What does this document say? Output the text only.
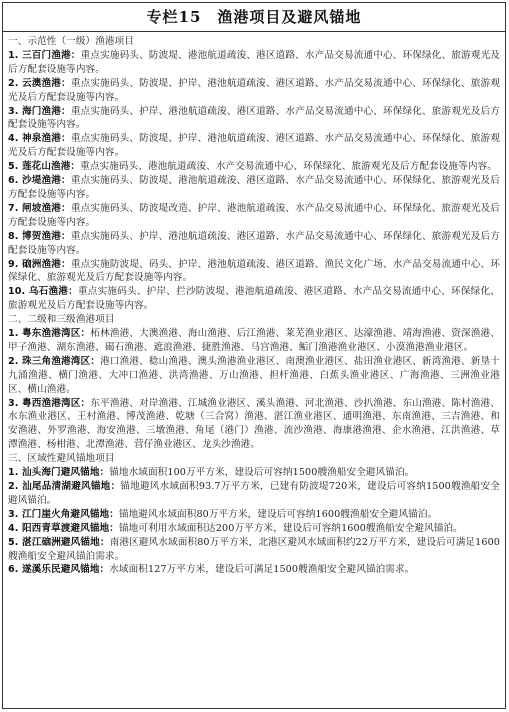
专栏15　渔港项目及避风锚地

一、示范性（一级）渔港项目

1. 三百门渔港：重点实施码头、防波堤、港池航道疏浚、港区道路、水产品交易流通中心、环保绿化、旅游观光及后方配套设施等内容。

2. 云澳渔港：重点实施码头、防波堤、护岸、港池航道疏浚、港区道路、水产品交易流通中心、环保绿化、旅游观光及后方配套设施等内容。

3. 海门渔港：重点实施码头、护岸、港池航道疏浚、港区道路、水产品交易流通中心、环保绿化、旅游观光及后方配套设施等内容。

4. 神泉渔港：重点实施码头、防波堤、护岸、港池航道疏浚、港区道路、水产品交易流通中心、环保绿化、旅游观光及后方配套设施等内容。

5. 莲花山渔港：重点实施码头、港池航道疏浚、水产交易流通中心、环保绿化、旅游观光及后方配套设施等内容。

6. 沙堤渔港：重点实施码头、防波堤、港池航道疏浚、港区道路、水产品交易流通中心、环保绿化、旅游观光及后方配套设施等内容。

7. 闸坡渔港：重点实施码头、防波堤改造、护岸、港池航道疏浚、水产品交易流通中心、环保绿化、旅游观光及后方配套设施等内容。

8. 博贺渔港：重点实施码头、护岸、港池航道疏浚、港区道路、水产品交易流通中心、环保绿化、旅游观光及后方配套设施等内容。

9. 硇洲渔港：重点实施防波堤、码头、护岸、港池航道疏浚、港区道路、渔民文化广场、水产品交易流通中心、环保绿化、旅游观光及后方配套设施等内容。

10. 乌石渔港：重点实施码头、护岸、拦沙防波堤、港池航道疏浚、港区道路、水产品交易流通中心、环保绿化、旅游观光及后方配套设施等内容。

二、二级和三级渔港项目

1. 粤东渔港湾区：柘林渔港、大澳渔港、海山渔港、后江渔港、莱芜渔业港区、达濠渔港、靖海渔港、资深渔港、甲子渔港、湖东渔港、碣石渔港、遮浪渔港、捷胜渔港、马宫渔港、鲘门渔港渔业港区、小漠渔港渔业港区。

2. 珠三角渔港湾区：港口渔港、稔山渔港、澳头渔港渔业港区、南澳渔业港区、盐田渔业港区、新湾渔港、新垦十九涌渔港、横门渔港、大冲口渔港、洪湾渔港、万山渔港、担杆渔港、白蕉头渔业港区、广海渔港、三洲渔业港区、横山渔港。

3. 粤西渔港湾区：东平渔港、对岸渔港、江城渔业港区、溪头渔港、河北渔港、沙扒渔港、东山渔港、陈村渔港、水东渔业港区、王村渔港、博茂渔港、乾塘（三合窝）渔港、湛江渔业港区、通明渔港、东南渔港、三吉渔港、和安渔港、外罗渔港、海安渔港、三墩渔港、角尾（港门）渔港、流沙渔港、海康港渔港、企水渔港、江洪渔港、草潭渔港、杨柑港、北潭渔港、营仔渔业港区、龙头沙渔港。

三、区域性避风锚地项目

1. 汕头海门避风锚地：锚地水域面积100万平方米，建设后可容纳1500艘渔船安全避风锚泊。

2. 汕尾品清湖避风锚地：锚地避风水域面积93.7万平方米，已建有防波堤720米，建设后可容纳1500艘渔船安全避风锚泊。

3. 江门崖火角避风锚地：锚地避风水域面积80万平方米，建设后可容纳1600艘渔船安全避风锚泊。

4. 阳西青草渡避风锚地：锚地可利用水域面积达200万平方米，建设后可容纳1600艘渔船安全避风锚泊。

5. 湛江硇洲避风锚地：南港区避风水域面积80万平方米，北港区避风水域面积约22万平方米，建设后可满足1600艘渔船安全避风锚泊需求。

6. 遂溪乐民避风锚地：水域面积127万平方米，建设后可满足1500艘渔船安全避风锚泊需求。
